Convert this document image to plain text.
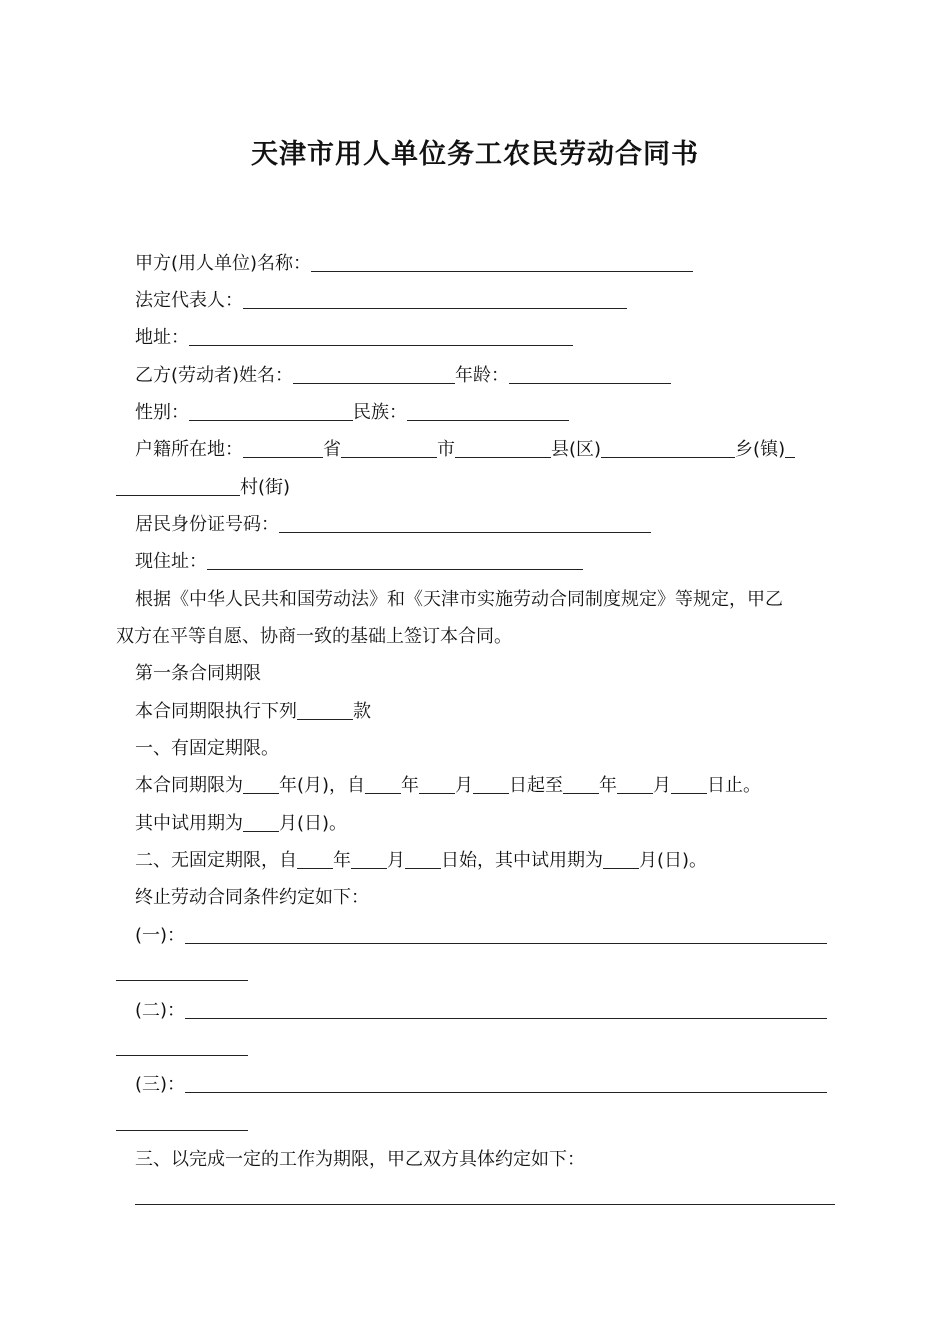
天津市用人单位务工农民劳动合同书
甲方(用人单位)名称：
法定代表人：
地址：
乙方(劳动者)姓名：	年龄：
性别：	民族：
户籍所在地：	省	市	县(区)	乡(镇)
村(街)
居民身份证号码：
现住址：
根据《中华人民共和国劳动法》和《天津市实施劳动合同制度规定》等规定，甲乙
双方在平等自愿、协商一致的基础上签订本合同。
第一条合同期限
本合同期限执行下列	款
一、有固定期限。
本合同期限为 年(月)，自 年 月 日起至 年 月 日止。
其中试用期为 月(日)。
二、无固定期限，自 年 月 日始，其中试用期为 月(日)。
终止劳动合同条件约定如下：
(一)：
(二)：
(三)：
三、以完成一定的工作为期限，甲乙双方具体约定如下：
